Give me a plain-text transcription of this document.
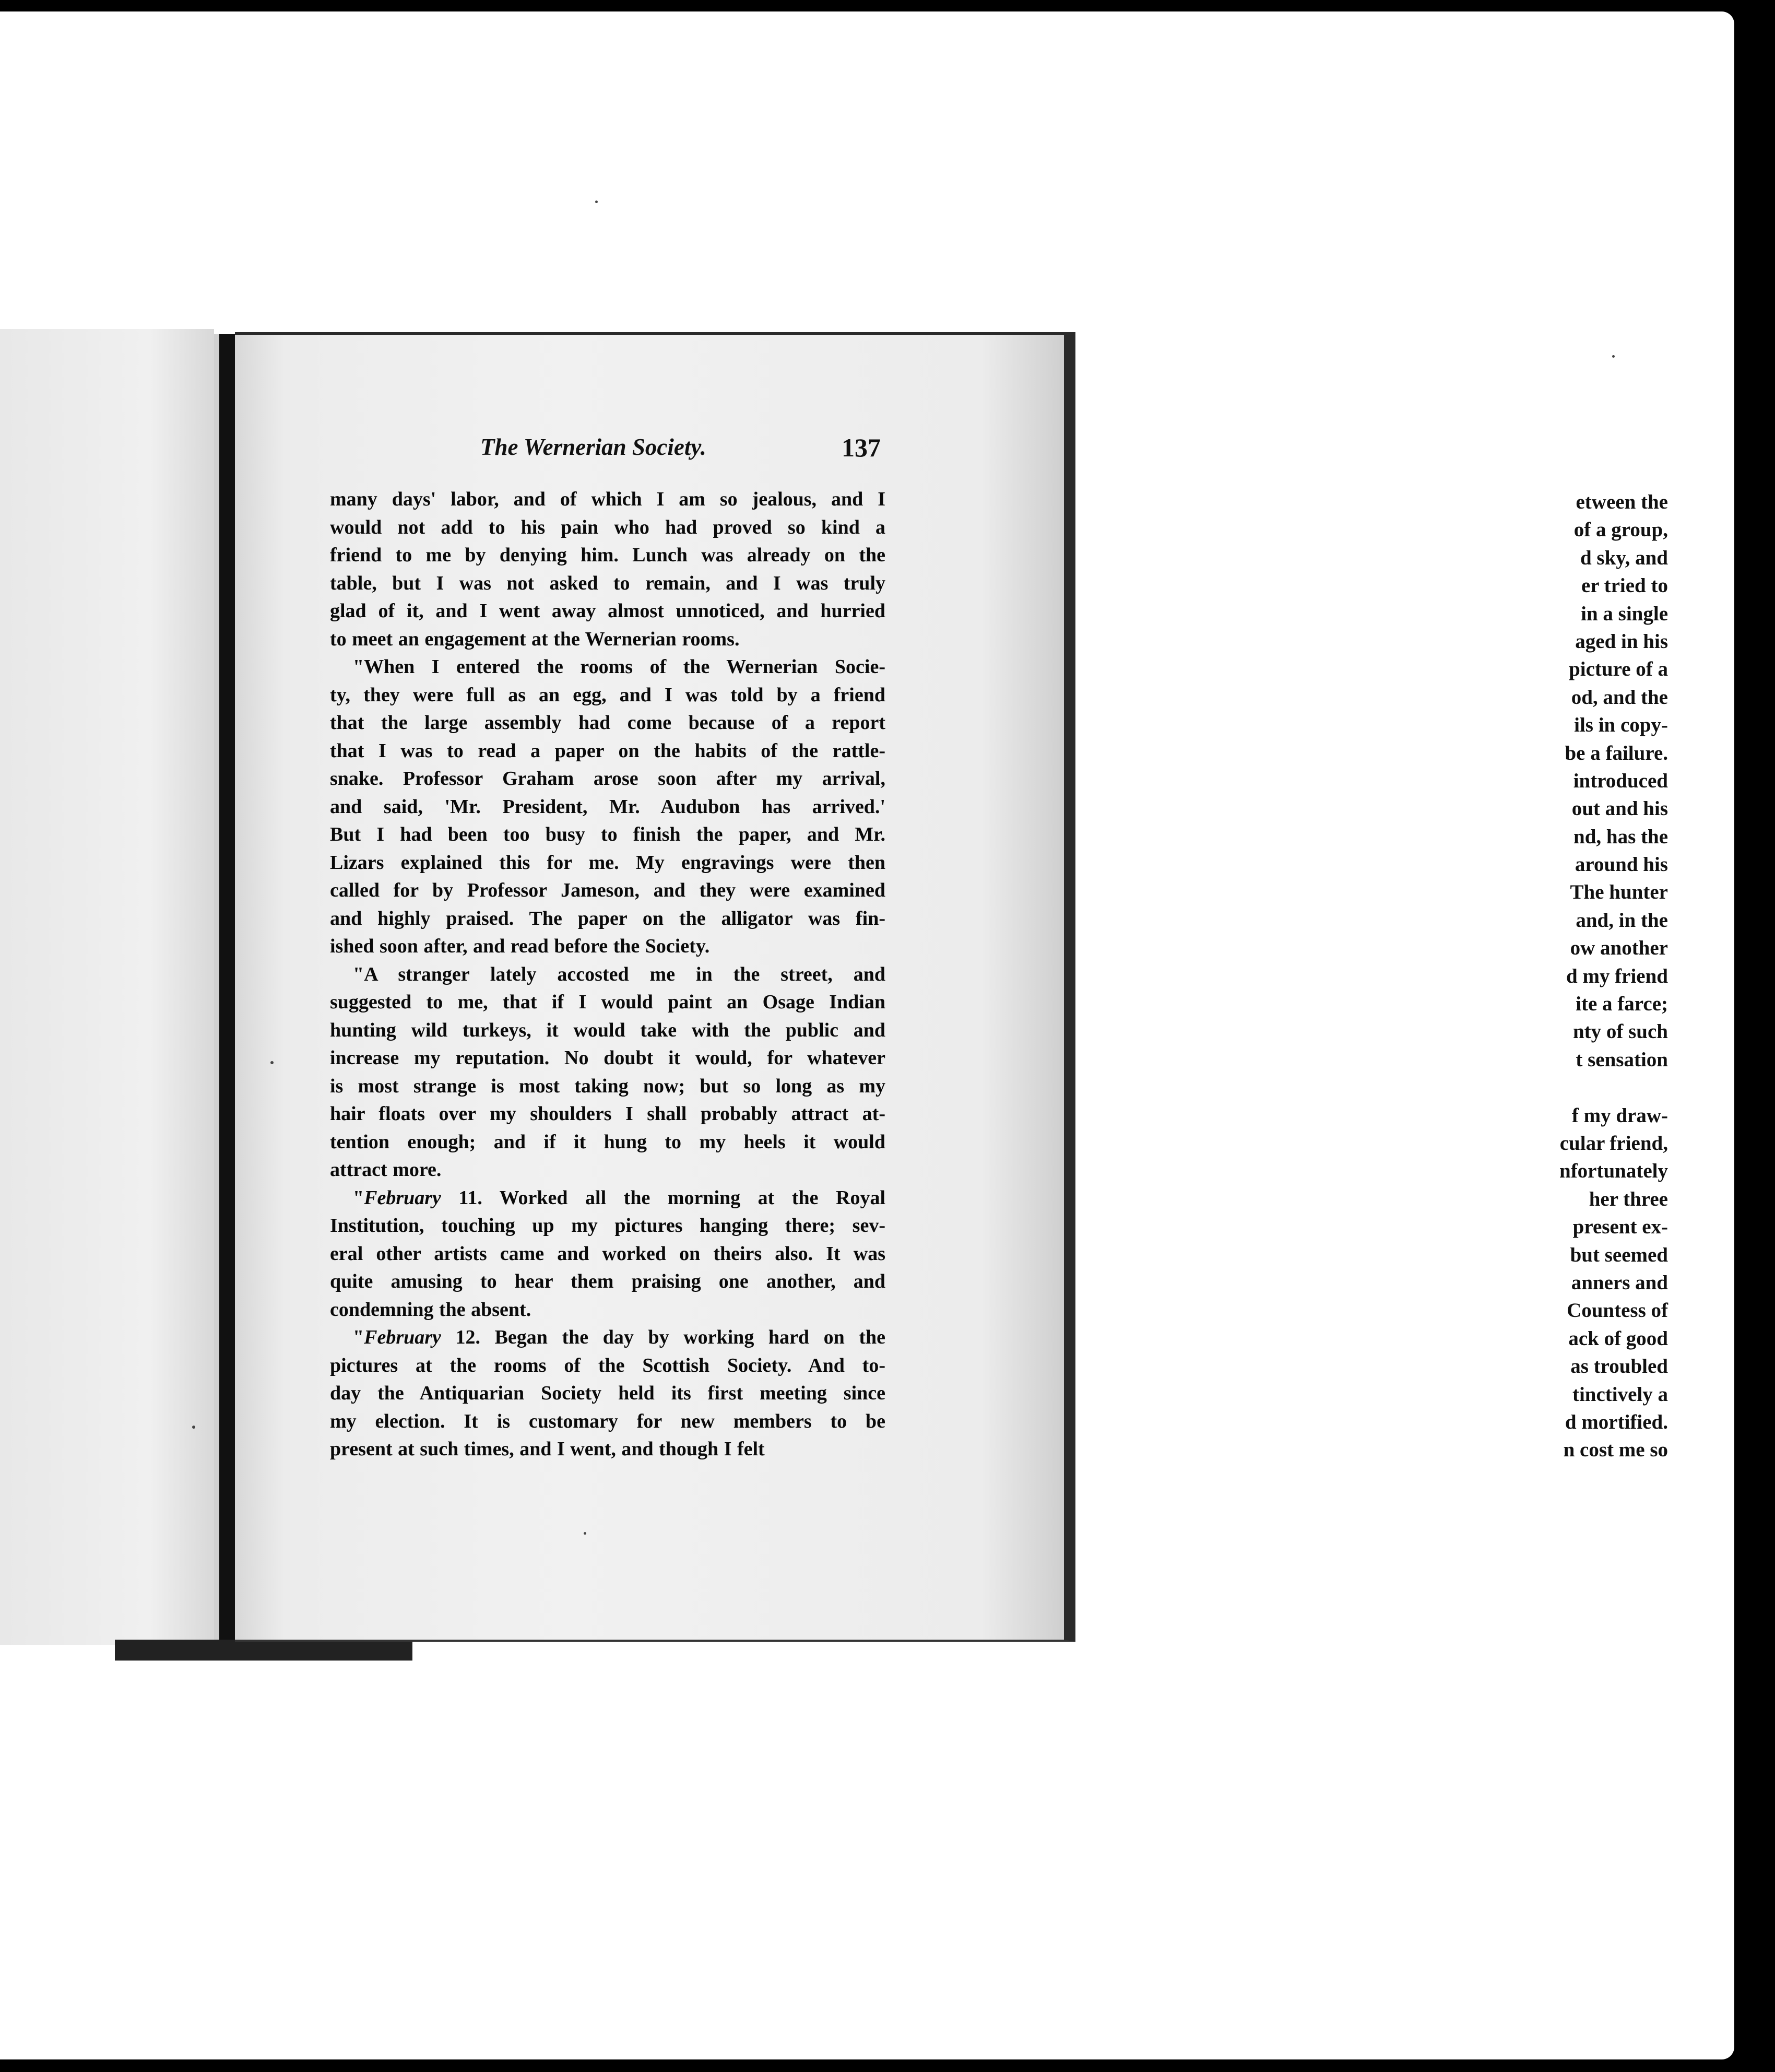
etween the
of a group,
d sky, and
er tried to
in a single
aged in his
picture of a
od, and the
ils in copy-
be a failure.
introduced
out and his
nd, has the
around his
The hunter
and, in the
ow another
d my friend
ite a farce;
nty of such
t sensation
f my draw-
cular friend,
nfortunately
her three
present ex-
but seemed
anners and
Countess of
ack of good
as troubled
tinctively a
d mortified.
n cost me so
The Wernerian Society.	137

many days' labor, and of which I am so jealous, and I

would not add to his pain who had proved so kind a

friend to me by denying him. Lunch was already on the

table, but I was not asked to remain, and I was truly

glad of it, and I went away almost unnoticed, and hurried

to meet an engagement at the Wernerian rooms.

"When I entered the rooms of the Wernerian Socie-

ty, they were full as an egg, and I was told by a friend

that the large assembly had come because of a report

that I was to read a paper on the habits of the rattle-

snake. Professor Graham arose soon after my arrival,

and said, 'Mr. President, Mr. Audubon has arrived.'

But I had been too busy to finish the paper, and Mr.

Lizars explained this for me. My engravings were then

called for by Professor Jameson, and they were examined

and highly praised. The paper on the alligator was fin-

ished soon after, and read before the Society.

"A stranger lately accosted me in the street, and

suggested to me, that if I would paint an Osage Indian

hunting wild turkeys, it would take with the public and

increase my reputation. No doubt it would, for whatever

is most strange is most taking now; but so long as my

hair floats over my shoulders I shall probably attract at-

tention enough; and if it hung to my heels it would

attract more.

"February 11. Worked all the morning at the Royal

Institution, touching up my pictures hanging there; sev-

eral other artists came and worked on theirs also. It was

quite amusing to hear them praising one another, and

condemning the absent.

"February 12. Began the day by working hard on the

pictures at the rooms of the Scottish Society. And to-

day the Antiquarian Society held its first meeting since

my election. It is customary for new members to be

present at such times, and I went, and though I felt
